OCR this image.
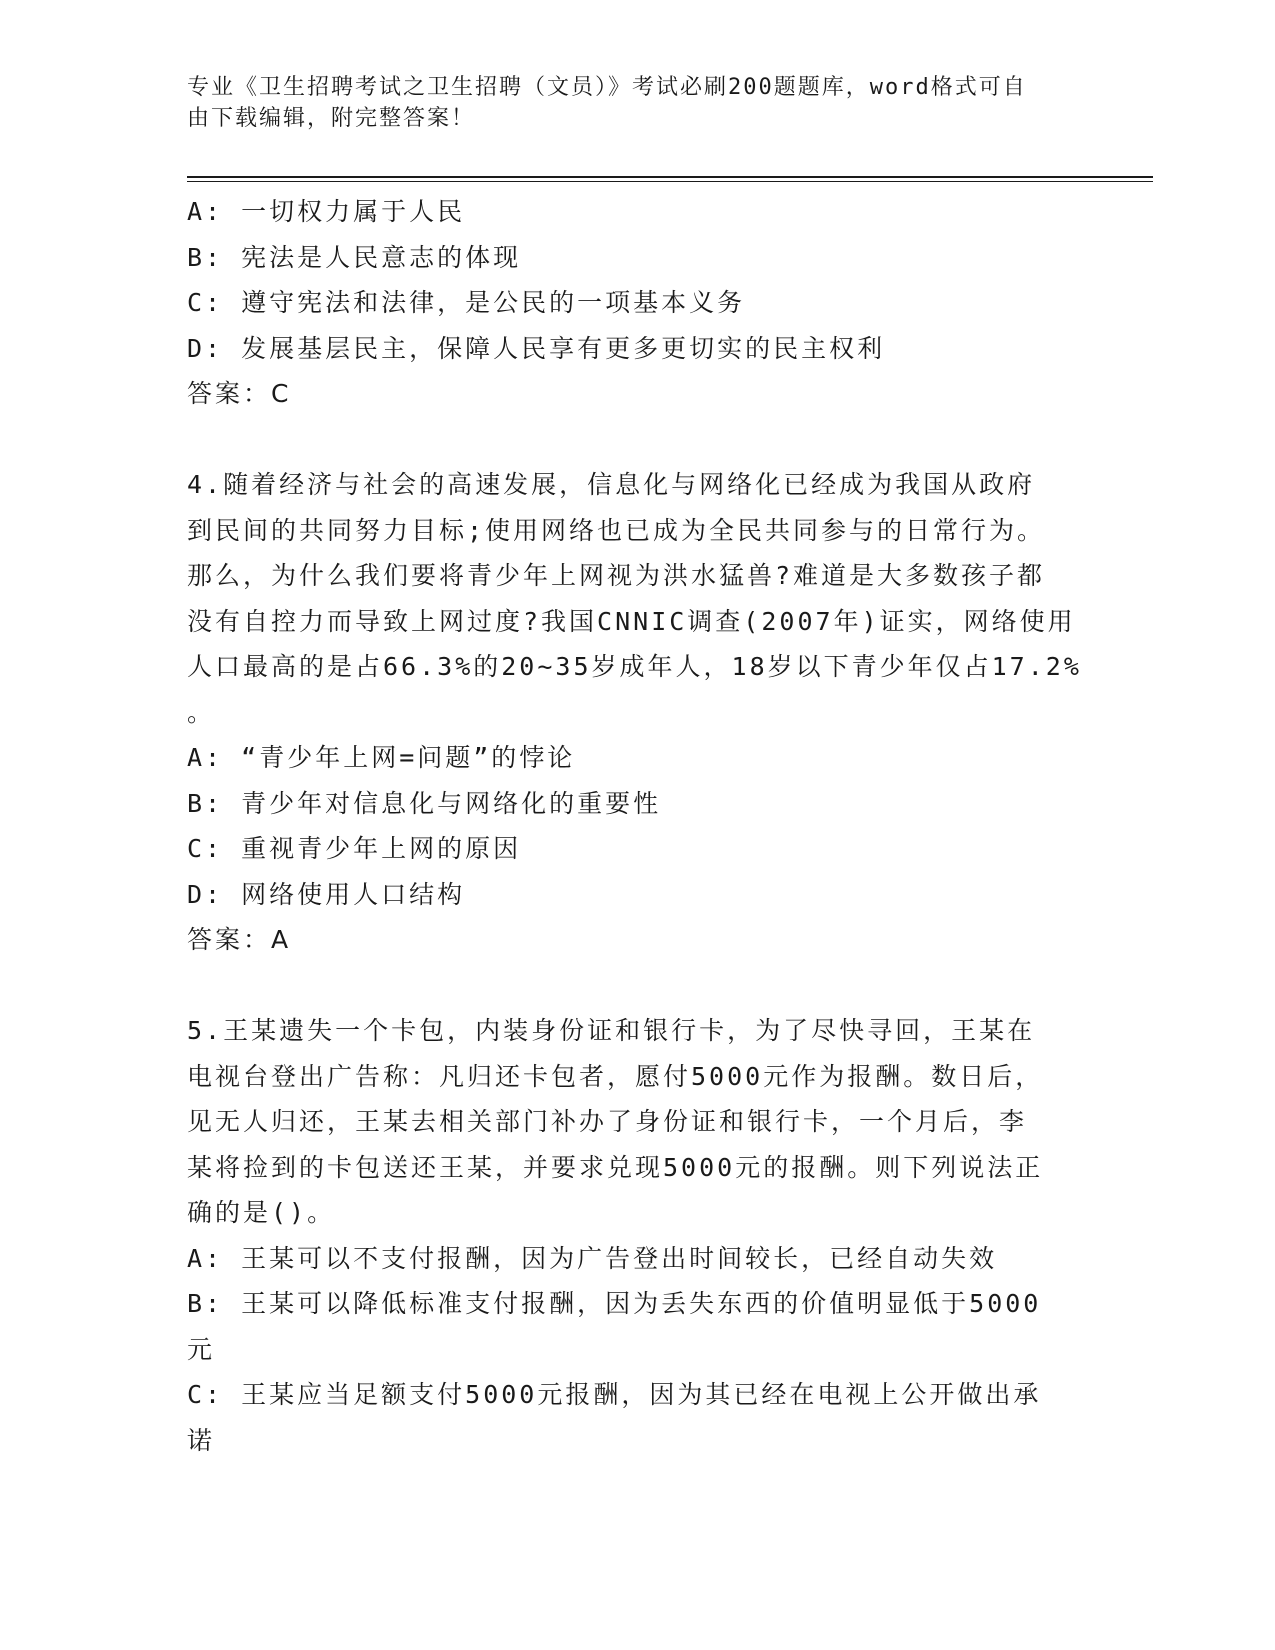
专业《卫生招聘考试之卫生招聘（文员）》考试必刷200题题库，word格式可自
由下载编辑，附完整答案！
A: 一切权力属于人民
B: 宪法是人民意志的体现
C: 遵守宪法和法律，是公民的一项基本义务
D: 发展基层民主，保障人民享有更多更切实的民主权利
答案：C
4.随着经济与社会的高速发展，信息化与网络化已经成为我国从政府
到民间的共同努力目标;使用网络也已成为全民共同参与的日常行为。
那么，为什么我们要将青少年上网视为洪水猛兽?难道是大多数孩子都
没有自控力而导致上网过度?我国CNNIC调查(2007年)证实，网络使用
人口最高的是占66.3%的20~35岁成年人，18岁以下青少年仅占17.2%
。
A: “青少年上网=问题”的悖论
B: 青少年对信息化与网络化的重要性
C: 重视青少年上网的原因
D: 网络使用人口结构
答案：A
5.王某遗失一个卡包，内装身份证和银行卡，为了尽快寻回，王某在
电视台登出广告称：凡归还卡包者，愿付5000元作为报酬。数日后，
见无人归还，王某去相关部门补办了身份证和银行卡，一个月后，李
某将捡到的卡包送还王某，并要求兑现5000元的报酬。则下列说法正
确的是()。
A: 王某可以不支付报酬，因为广告登出时间较长，已经自动失效
B: 王某可以降低标准支付报酬，因为丢失东西的价值明显低于5000
元
C: 王某应当足额支付5000元报酬，因为其已经在电视上公开做出承
诺
